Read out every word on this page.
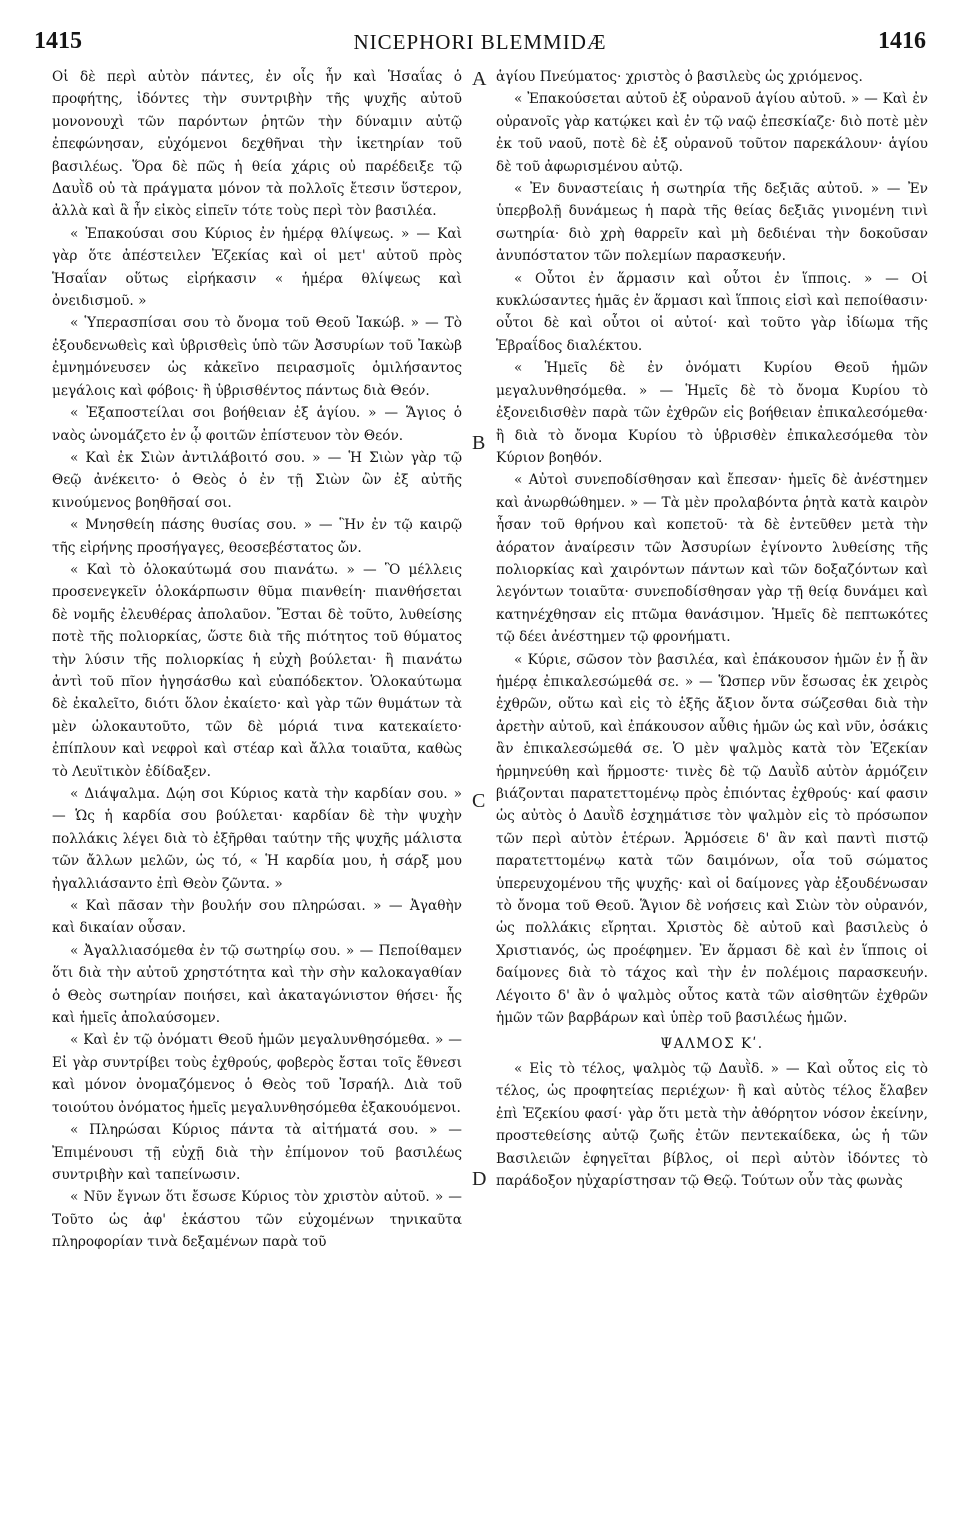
1415	NICEPHORI BLEMMIDÆ	1416
A
B
C
D

Οἱ δὲ περὶ αὐτὸν πάντες, ἐν οἷς ἦν καὶ Ἡσαΐας ὁ προφήτης, ἰδόντες τὴν συντριβὴν τῆς ψυχῆς αὐτοῦ μονονουχὶ τῶν παρόντων ῥητῶν τὴν δύναμιν αὐτῷ ἐπεφώνησαν, εὐχόμενοι δεχθῆναι τὴν ἱκετηρίαν τοῦ βασιλέως. Ὅρα δὲ πῶς ἡ θεία χάρις οὐ παρέδειξε τῷ Δαυῒδ οὐ τὰ πράγματα μόνον τὰ πολλοῖς ἔτεσιν ὕστερον, ἀλλὰ καὶ ἃ ἦν εἰκὸς εἰπεῖν τότε τοὺς περὶ τὸν βασιλέα.

« Ἐπακούσαι σου Κύριος ἐν ἡμέρᾳ θλίψεως. » — Καὶ γὰρ ὅτε ἀπέστειλεν Ἐζεκίας καὶ οἱ μετ' αὐτοῦ πρὸς Ἡσαΐαν οὕτως εἰρήκασιν « ἡμέρα θλίψεως καὶ ὀνειδισμοῦ. »

« Ὑπερασπίσαι σου τὸ ὄνομα τοῦ Θεοῦ Ἰακώβ. » — Τὸ ἐξουδενωθεὶς καὶ ὑβρισθεὶς ὑπὸ τῶν Ἀσσυρίων τοῦ Ἰακὼβ ἐμνημόνευσεν ὡς κἀκεῖνο πειρασμοῖς ὁμιλήσαντος μεγάλοις καὶ φόβοις· ἢ ὑβρισθέντος πάντως διὰ Θεόν.

« Ἐξαποστείλαι σοι βοήθειαν ἐξ ἁγίου. » — Ἅγιος ὁ ναὸς ὠνομάζετο ἐν ᾧ φοιτῶν ἐπίστευον τὸν Θεόν.

« Καὶ ἐκ Σιὼν ἀντιλάβοιτό σου. » — Ἡ Σιὼν γὰρ τῷ Θεῷ ἀνέκειτο· ὁ Θεὸς ὁ ἐν τῇ Σιὼν ὢν ἐξ αὐτῆς κινούμενος βοηθῆσαί σοι.

« Μνησθείη πάσης θυσίας σου. » — Ἣν ἐν τῷ καιρῷ τῆς εἰρήνης προσήγαγες, θεοσεβέστατος ὤν.

« Καὶ τὸ ὁλοκαύτωμά σου πιανάτω. » — Ὃ μέλλεις προσενεγκεῖν ὁλοκάρπωσιν θῦμα πιανθείη· πιανθήσεται δὲ νομῆς ἐλευθέρας ἀπολαῦον. Ἔσται δὲ τοῦτο, λυθείσης ποτὲ τῆς πολιορκίας, ὥστε διὰ τῆς πιότητος τοῦ θύματος τὴν λύσιν τῆς πολιορκίας ἡ εὐχὴ βούλεται· ἢ πιανάτω ἀντὶ τοῦ πῖον ἡγησάσθω καὶ εὐαπόδεκτον. Ὁλοκαύτωμα δὲ ἐκαλεῖτο, διότι ὅλον ἐκαίετο· καὶ γὰρ τῶν θυμάτων τὰ μὲν ὡλοκαυτοῦτο, τῶν δὲ μόριά τινα κατεκαίετο· ἐπίπλουν καὶ νεφροὶ καὶ στέαρ καὶ ἄλλα τοιαῦτα, καθὼς τὸ Λευϊτικὸν ἐδίδαξεν.

« Διάψαλμα. Δῴη σοι Κύριος κατὰ τὴν καρδίαν σου. » — Ὡς ἡ καρδία σου βούλεται· καρδίαν δὲ τὴν ψυχὴν πολλάκις λέγει διὰ τὸ ἐξῆρθαι ταύτην τῆς ψυχῆς μάλιστα τῶν ἄλλων μελῶν, ὡς τό, « Ἡ καρδία μου, ἡ σάρξ μου ἠγαλλιάσαντο ἐπὶ Θεὸν ζῶντα. »

« Καὶ πᾶσαν τὴν βουλήν σου πληρώσαι. » — Ἀγαθὴν καὶ δικαίαν οὖσαν.

« Ἀγαλλιασόμεθα ἐν τῷ σωτηρίῳ σου. » — Πεποίθαμεν ὅτι διὰ τὴν αὐτοῦ χρηστότητα καὶ τὴν σὴν καλοκαγαθίαν ὁ Θεὸς σωτηρίαν ποιήσει, καὶ ἀκαταγώνιστον θήσει· ἧς καὶ ἡμεῖς ἀπολαύσομεν.

« Καὶ ἐν τῷ ὀνόματι Θεοῦ ἡμῶν μεγαλυνθησόμεθα. » — Εἰ γὰρ συντρίβει τοὺς ἐχθρούς, φοβερὸς ἔσται τοῖς ἔθνεσι καὶ μόνον ὀνομαζόμενος ὁ Θεὸς τοῦ Ἰσραήλ. Διὰ τοῦ τοιούτου ὀνόματος ἡμεῖς μεγαλυνθησόμεθα ἐξακουόμενοι.

« Πληρώσαι Κύριος πάντα τὰ αἰτήματά σου. » — Ἐπιμένουσι τῇ εὐχῇ διὰ τὴν ἐπίμονον τοῦ βασιλέως συντριβὴν καὶ ταπείνωσιν.

« Νῦν ἔγνων ὅτι ἔσωσε Κύριος τὸν χριστὸν αὐτοῦ. » — Τοῦτο ὡς ἀφ' ἑκάστου τῶν εὐχομένων τηνικαῦτα πληροφορίαν τινὰ δεξαμένων παρὰ τοῦ

ἁγίου Πνεύματος· χριστὸς ὁ βασιλεὺς ὡς χριόμενος.

« Ἐπακούσεται αὐτοῦ ἐξ οὐρανοῦ ἁγίου αὐτοῦ. » — Καὶ ἐν οὐρανοῖς γὰρ κατῴκει καὶ ἐν τῷ ναῷ ἐπεσκίαζε· διὸ ποτὲ μὲν ἐκ τοῦ ναοῦ, ποτὲ δὲ ἐξ οὐρανοῦ τοῦτον παρεκάλουν· ἁγίου δὲ τοῦ ἀφωρισμένου αὐτῷ.

« Ἐν δυναστείαις ἡ σωτηρία τῆς δεξιᾶς αὐτοῦ. » — Ἐν ὑπερβολῇ δυνάμεως ἡ παρὰ τῆς θείας δεξιᾶς γινομένη τινὶ σωτηρία· διὸ χρὴ θαρρεῖν καὶ μὴ δεδιέναι τὴν δοκοῦσαν ἀνυπόστατον τῶν πολεμίων παρασκευήν.

« Οὗτοι ἐν ἅρμασιν καὶ οὗτοι ἐν ἵπποις. » — Οἱ κυκλώσαντες ἡμᾶς ἐν ἅρμασι καὶ ἵπποις εἰσὶ καὶ πεποίθασιν· οὗτοι δὲ καὶ οὗτοι οἱ αὐτοί· καὶ τοῦτο γὰρ ἰδίωμα τῆς Ἑβραΐδος διαλέκτου.

« Ἡμεῖς δὲ ἐν ὀνόματι Κυρίου Θεοῦ ἡμῶν μεγαλυνθησόμεθα. » — Ἡμεῖς δὲ τὸ ὄνομα Κυρίου τὸ ἐξονειδισθὲν παρὰ τῶν ἐχθρῶν εἰς βοήθειαν ἐπικαλεσόμεθα· ἢ διὰ τὸ ὄνομα Κυρίου τὸ ὑβρισθὲν ἐπικαλεσόμεθα τὸν Κύριον βοηθόν.

« Αὐτοὶ συνεποδίσθησαν καὶ ἔπεσαν· ἡμεῖς δὲ ἀνέστημεν καὶ ἀνωρθώθημεν. » — Τὰ μὲν προλαβόντα ῥητὰ κατὰ καιρὸν ἦσαν τοῦ θρήνου καὶ κοπετοῦ· τὰ δὲ ἐντεῦθεν μετὰ τὴν ἀόρατον ἀναίρεσιν τῶν Ἀσσυρίων ἐγίνοντο λυθείσης τῆς πολιορκίας καὶ χαιρόντων πάντων καὶ τῶν δοξαζόντων καὶ λεγόντων τοιαῦτα· συνεποδίσθησαν γὰρ τῇ θείᾳ δυνάμει καὶ κατηνέχθησαν εἰς πτῶμα θανάσιμον. Ἡμεῖς δὲ πεπτωκότες τῷ δέει ἀνέστημεν τῷ φρονήματι.

« Κύριε, σῶσον τὸν βασιλέα, καὶ ἐπάκουσον ἡμῶν ἐν ᾗ ἂν ἡμέρᾳ ἐπικαλεσώμεθά σε. » — Ὥσπερ νῦν ἔσωσας ἐκ χειρὸς ἐχθρῶν, οὕτω καὶ εἰς τὸ ἑξῆς ἄξιον ὄντα σώζεσθαι διὰ τὴν ἀρετὴν αὐτοῦ, καὶ ἐπάκουσον αὖθις ἡμῶν ὡς καὶ νῦν, ὁσάκις ἂν ἐπικαλεσώμεθά σε. Ὁ μὲν ψαλμὸς κατὰ τὸν Ἐζεκίαν ἡρμηνεύθη καὶ ἥρμοστε· τινὲς δὲ τῷ Δαυῒδ αὐτὸν ἁρμόζειν βιάζονται παρατεττομένῳ πρὸς ἐπιόντας ἐχθρούς· καί φασιν ὡς αὐτὸς ὁ Δαυῒδ ἐσχημάτισε τὸν ψαλμὸν εἰς τὸ πρόσωπον τῶν περὶ αὐτὸν ἑτέρων. Ἁρμόσειε δ' ἂν καὶ παντὶ πιστῷ παρατεττομένῳ κατὰ τῶν δαιμόνων, οἷα τοῦ σώματος ὑπερευχομένου τῆς ψυχῆς· καὶ οἱ δαίμονες γὰρ ἐξουδένωσαν τὸ ὄνομα τοῦ Θεοῦ. Ἅγιον δὲ νοήσεις καὶ Σιὼν τὸν οὐρανόν, ὡς πολλάκις εἴρηται. Χριστὸς δὲ αὐτοῦ καὶ βασιλεὺς ὁ Χριστιανός, ὡς προέφημεν. Ἐν ἅρμασι δὲ καὶ ἐν ἵπποις οἱ δαίμονες διὰ τὸ τάχος καὶ τὴν ἐν πολέμοις παρασκευήν. Λέγοιτο δ' ἂν ὁ ψαλμὸς οὗτος κατὰ τῶν αἰσθητῶν ἐχθρῶν ἡμῶν τῶν βαρβάρων καὶ ὑπὲρ τοῦ βασιλέως ἡμῶν.

ΨΑΛΜΟΣ Κʹ.

« Εἰς τὸ τέλος, ψαλμὸς τῷ Δαυῒδ. » — Καὶ οὗτος εἰς τὸ τέλος, ὡς προφητείας περιέχων· ἢ καὶ αὐτὸς τέλος ἔλαβεν ἐπὶ Ἐζεκίου φασί· γὰρ ὅτι μετὰ τὴν ἀθόρητον νόσον ἐκείνην, προστεθείσης αὐτῷ ζωῆς ἐτῶν πεντεκαίδεκα, ὡς ἡ τῶν Βασιλειῶν ἐφηγεῖται βίβλος, οἱ περὶ αὐτὸν ἰδόντες τὸ παράδοξον ηὐχαρίστησαν τῷ Θεῷ. Τούτων οὖν τὰς φωνὰς
